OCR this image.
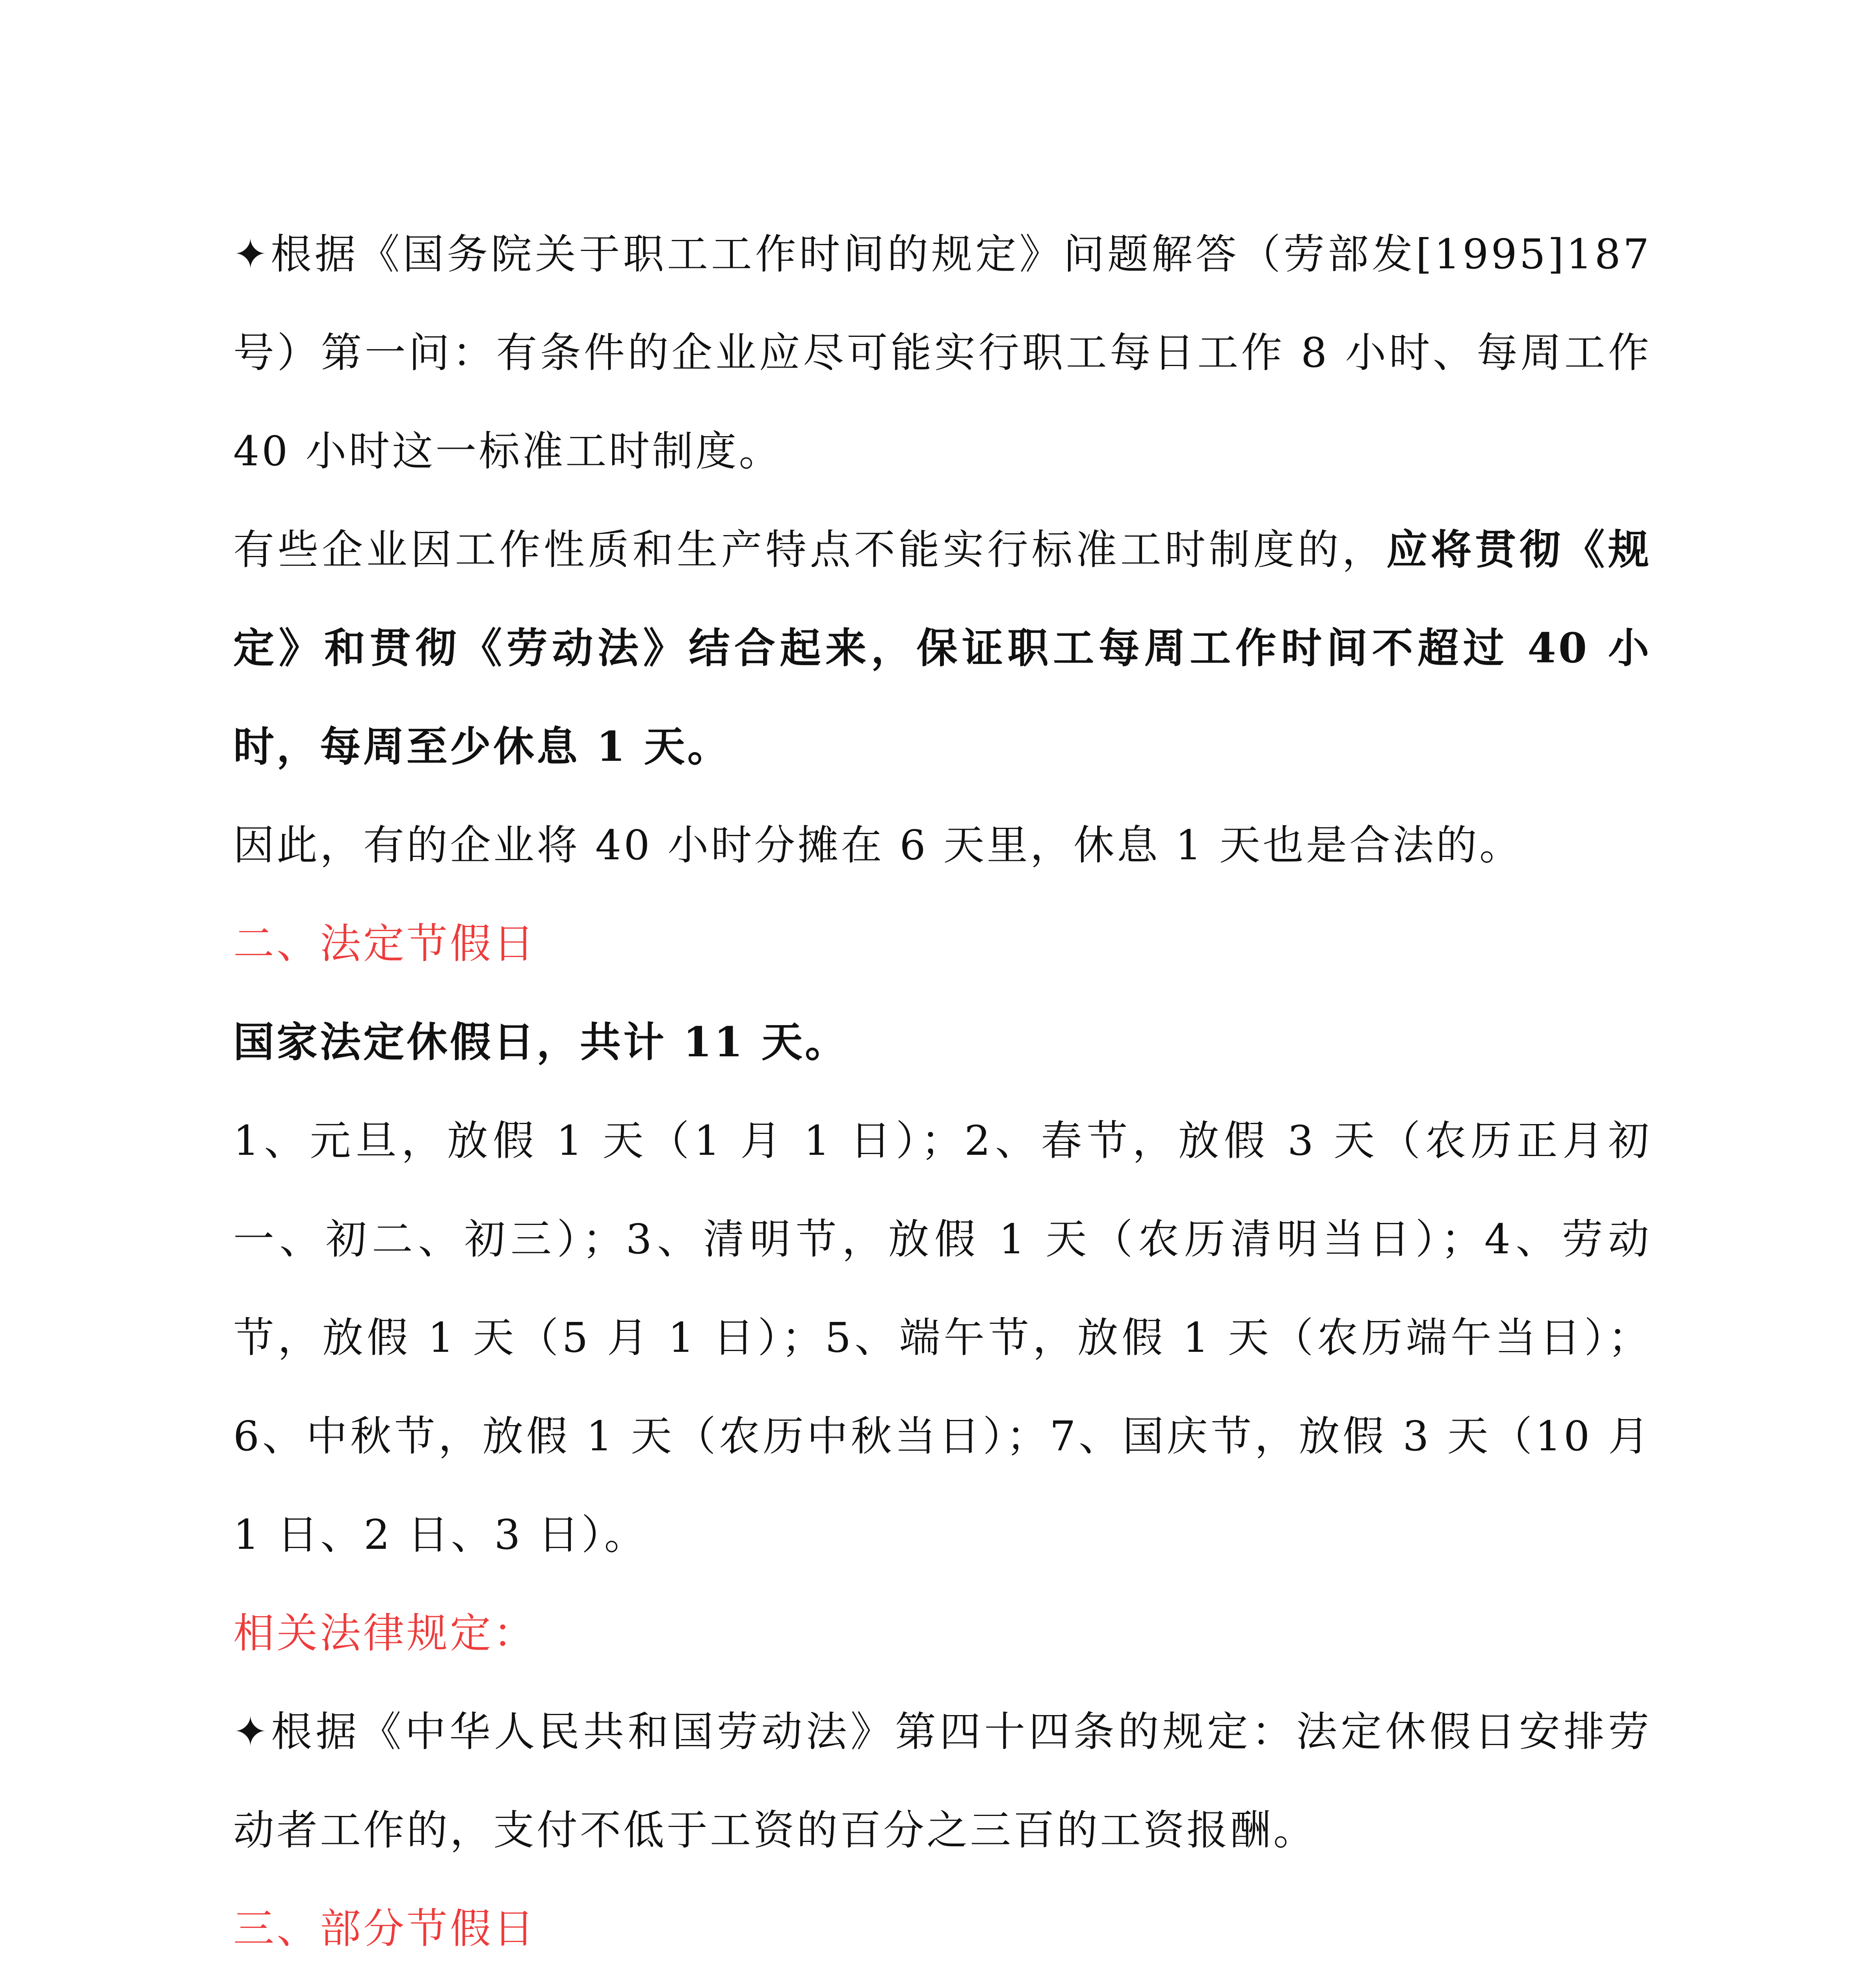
✦根据《国务院关于职工工作时间的规定》问题解答（劳部发[1995]187号）第一问：有条件的企业应尽可能实行职工每日工作 8 小时、每周工作 40 小时这一标准工时制度。

有些企业因工作性质和生产特点不能实行标准工时制度的，应将贯彻《规定》和贯彻《劳动法》结合起来，保证职工每周工作时间不超过 40 小时，每周至少休息 1 天。

因此，有的企业将 40 小时分摊在 6 天里，休息 1 天也是合法的。

二、法定节假日

国家法定休假日，共计 11 天。

1、元旦，放假 1 天（1 月 1 日）；2、春节，放假 3 天（农历正月初一、初二、初三）；3、清明节，放假 1 天（农历清明当日）；4、劳动节，放假 1 天（5 月 1 日）；5、端午节，放假 1 天（农历端午当日）；6、中秋节，放假 1 天（农历中秋当日）；7、国庆节，放假 3 天（10 月 1 日、2 日、3 日）。

相关法律规定：

✦根据《中华人民共和国劳动法》第四十四条的规定：法定休假日安排劳动者工作的，支付不低于工资的百分之三百的工资报酬。

三、部分节假日
